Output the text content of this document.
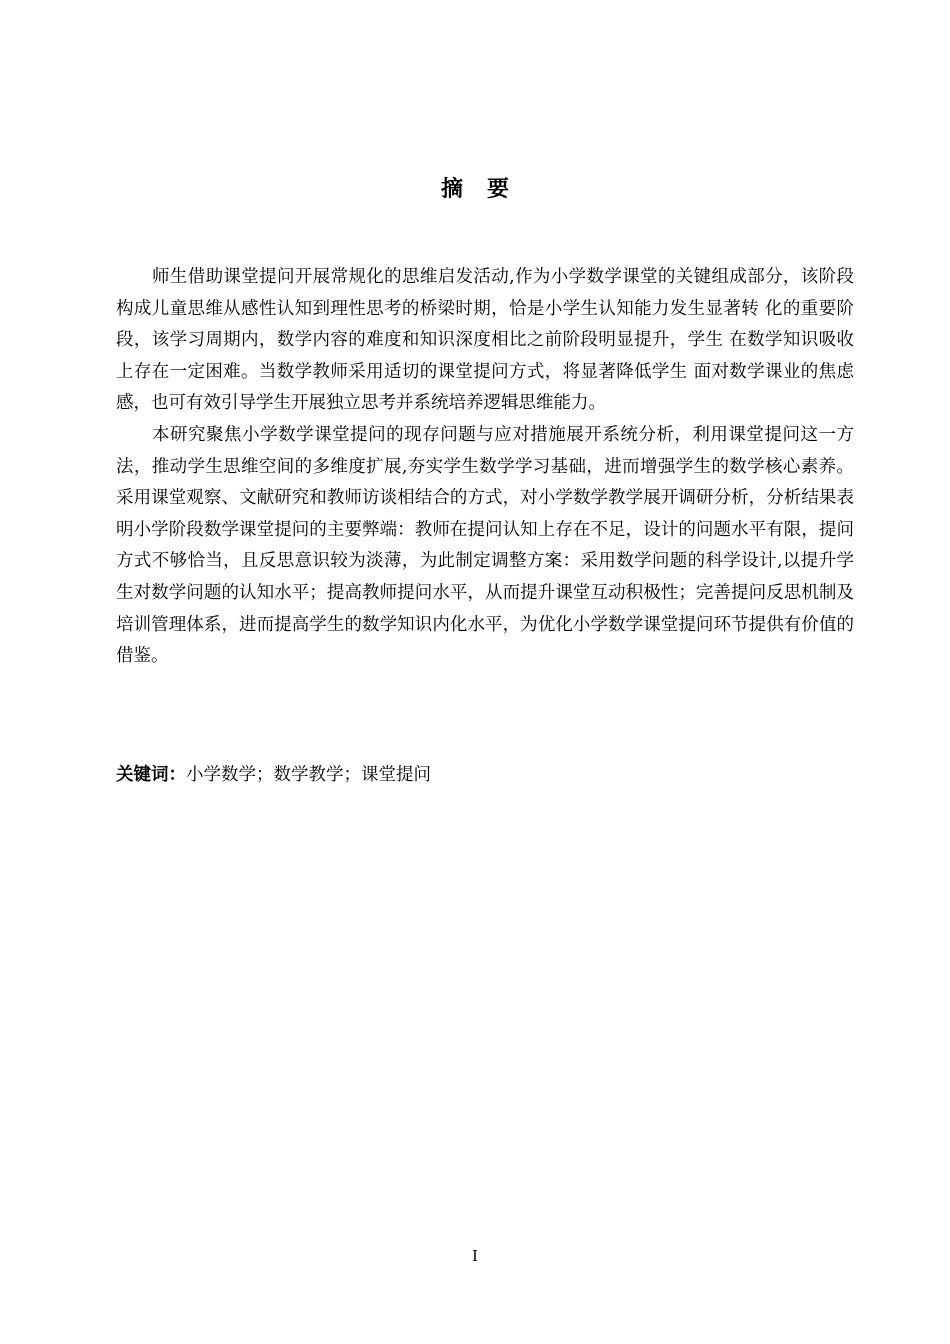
摘要

师生借助课堂提问开展常规化的思维启发活动,作为小学数学课堂的关键组成部分，该阶段构成儿童思维从感性认知到理性思考的桥梁时期，恰是小学生认知能力发生显著转 化的重要阶段，该学习周期内，数学内容的难度和知识深度相比之前阶段明显提升，学生 在数学知识吸收上存在一定困难。当数学教师采用适切的课堂提问方式，将显著降低学生 面对数学课业的焦虑感，也可有效引导学生开展独立思考并系统培养逻辑思维能力。

本研究聚焦小学数学课堂提问的现存问题与应对措施展开系统分析，利用课堂提问这一方法，推动学生思维空间的多维度扩展,夯实学生数学学习基础，进而增强学生的数学核心素养。采用课堂观察、文献研究和教师访谈相结合的方式，对小学数学教学展开调研分析，分析结果表明小学阶段数学课堂提问的主要弊端：教师在提问认知上存在不足，设计的问题水平有限，提问方式不够恰当，且反思意识较为淡薄，为此制定调整方案：采用数学问题的科学设计,以提升学生对数学问题的认知水平；提高教师提问水平，从而提升课堂互动积极性；完善提问反思机制及培训管理体系，进而提高学生的数学知识内化水平，为优化小学数学课堂提问环节提供有价值的借鉴。

关键词：小学数学；数学教学；课堂提问
I
